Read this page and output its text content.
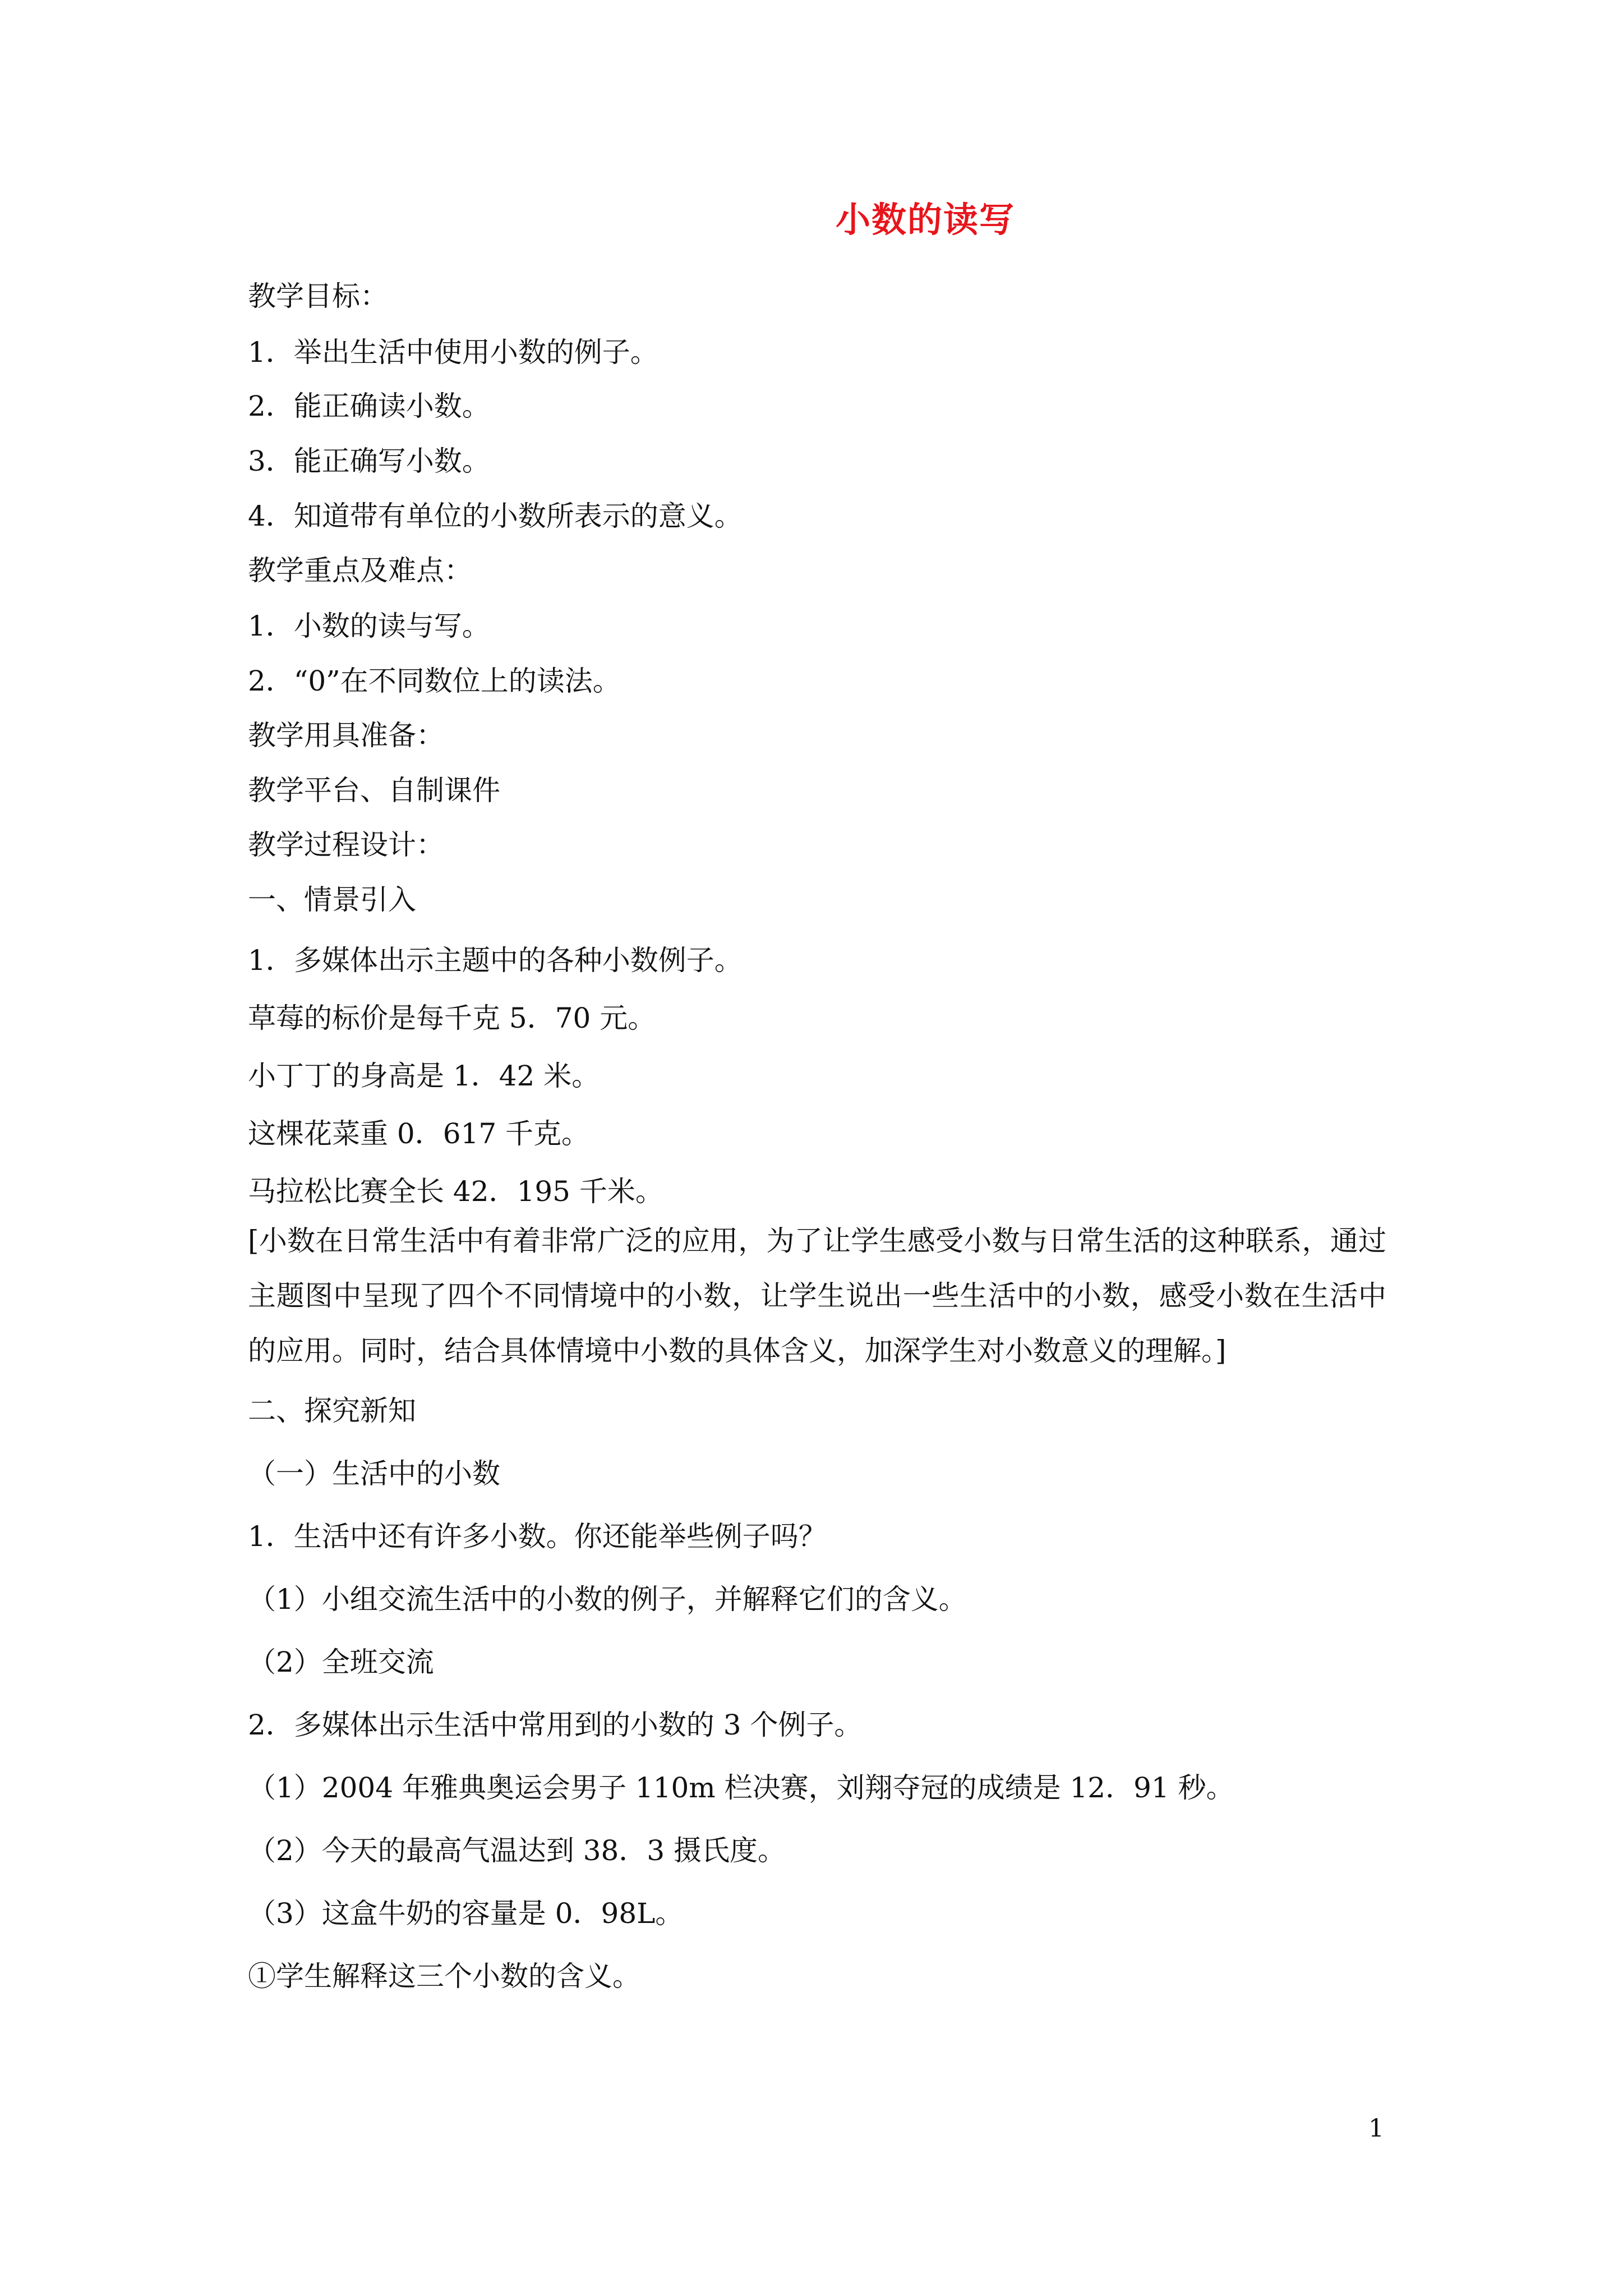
小数的读写
教学目标：
1．举出生活中使用小数的例子。
2．能正确读小数。
3．能正确写小数。
4．知道带有单位的小数所表示的意义。
教学重点及难点：
1．小数的读与写。
2．“0”在不同数位上的读法。
教学用具准备：
教学平台、自制课件
教学过程设计：
一、情景引入
1．多媒体出示主题中的各种小数例子。
草莓的标价是每千克 5．70 元。
小丁丁的身高是 1．42 米。
这棵花菜重 0．617 千克。
马拉松比赛全长 42．195 千米。
[小数在日常生活中有着非常广泛的应用，为了让学生感受小数与日常生活的这种联系，通过主题图中呈现了四个不同情境中的小数，让学生说出一些生活中的小数，感受小数在生活中的应用。同时，结合具体情境中小数的具体含义，加深学生对小数意义的理解。]
二、探究新知
（一）生活中的小数
1．生活中还有许多小数。你还能举些例子吗？
（1）小组交流生活中的小数的例子，并解释它们的含义。
（2）全班交流
2．多媒体出示生活中常用到的小数的 3 个例子。
（1）2004 年雅典奥运会男子 110m 栏决赛，刘翔夺冠的成绩是 12．91 秒。
（2）今天的最高气温达到 38．3 摄氏度。
（3）这盒牛奶的容量是 0．98L。
①学生解释这三个小数的含义。
1
